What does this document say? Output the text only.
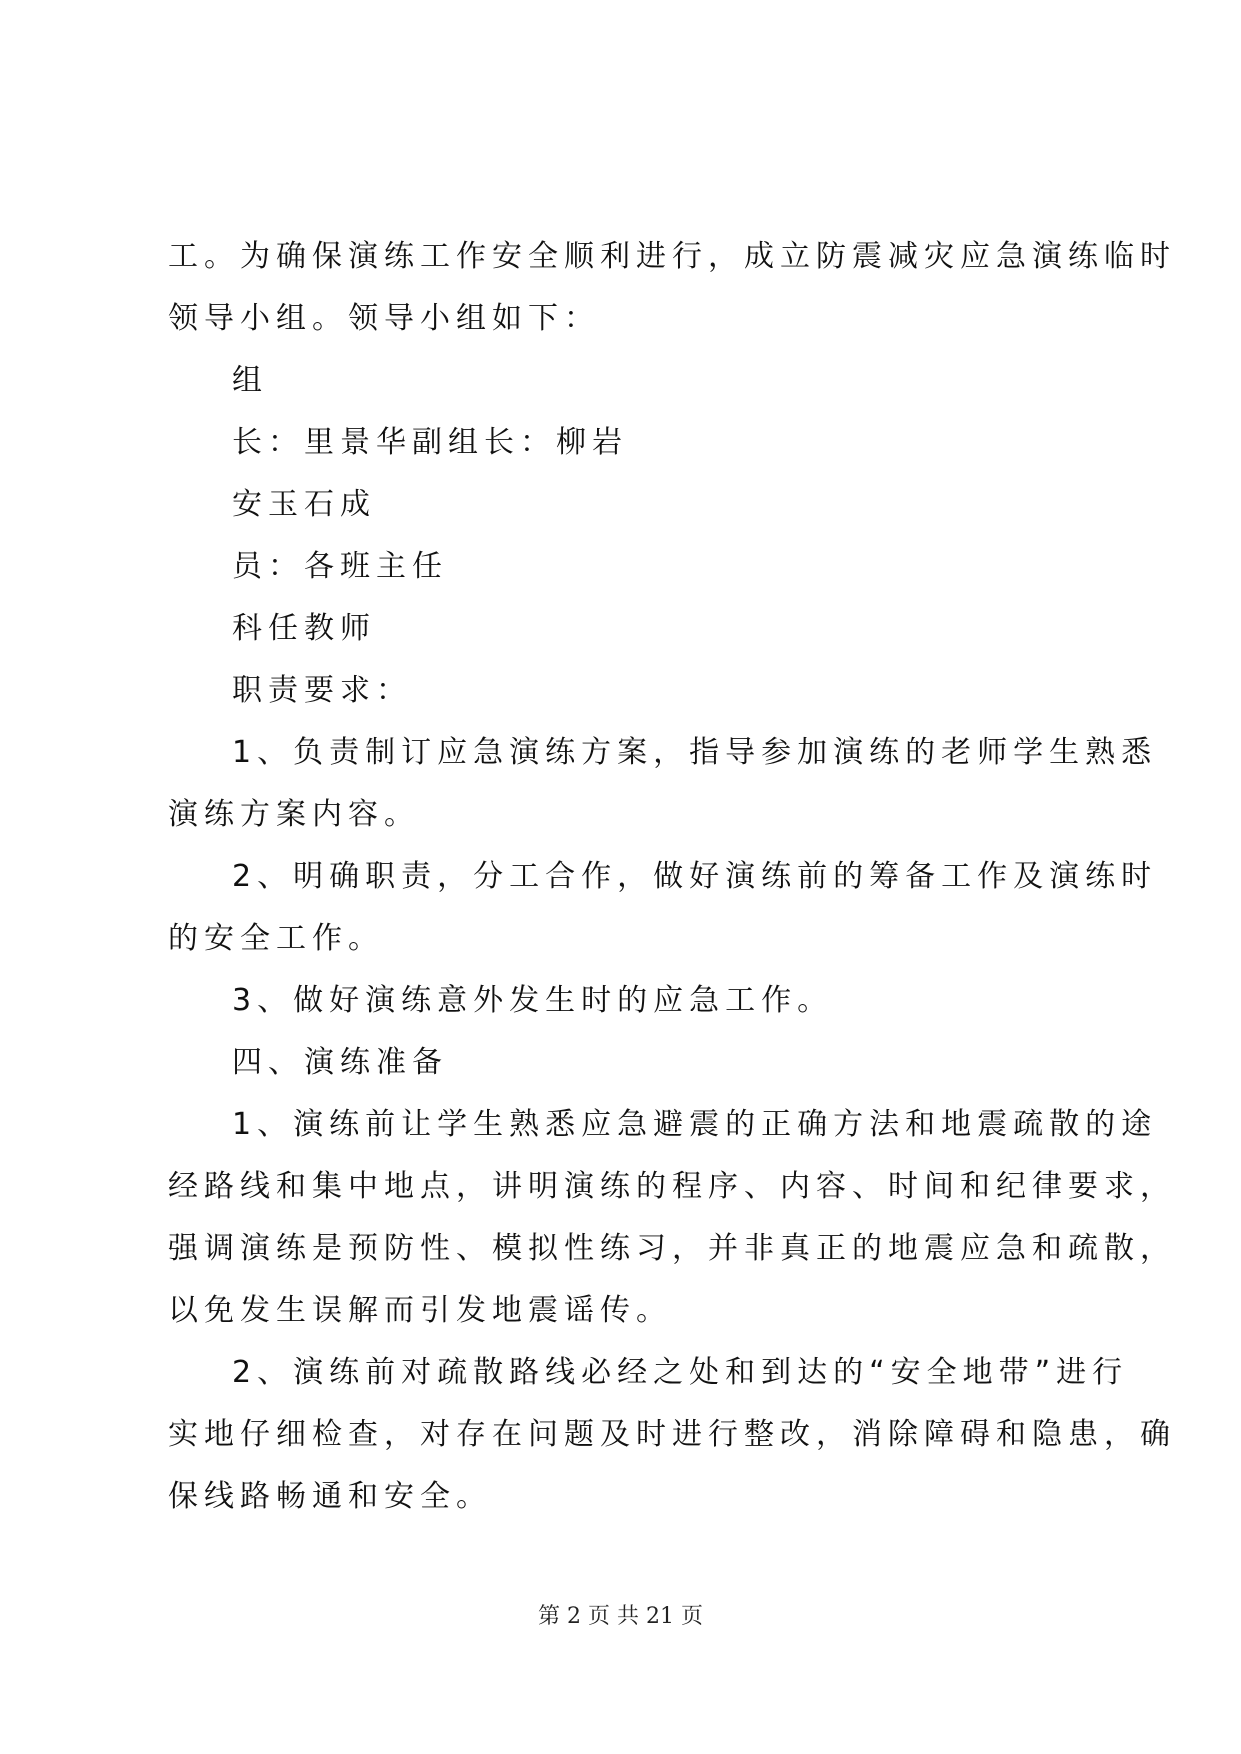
工。为确保演练工作安全顺利进行，成立防震减灾应急演练临时
领导小组。领导小组如下：
组
长：里景华副组长：柳岩
安玉石成
员：各班主任
科任教师
职责要求：
1、负责制订应急演练方案，指导参加演练的老师学生熟悉
演练方案内容。
2、明确职责，分工合作，做好演练前的筹备工作及演练时
的安全工作。
3、做好演练意外发生时的应急工作。
四、演练准备
1、演练前让学生熟悉应急避震的正确方法和地震疏散的途
经路线和集中地点，讲明演练的程序、内容、时间和纪律要求，
强调演练是预防性、模拟性练习，并非真正的地震应急和疏散，
以免发生误解而引发地震谣传。
2、演练前对疏散路线必经之处和到达的“安全地带”进行
实地仔细检查，对存在问题及时进行整改，消除障碍和隐患，确
保线路畅通和安全。
第 2 页 共 21 页
